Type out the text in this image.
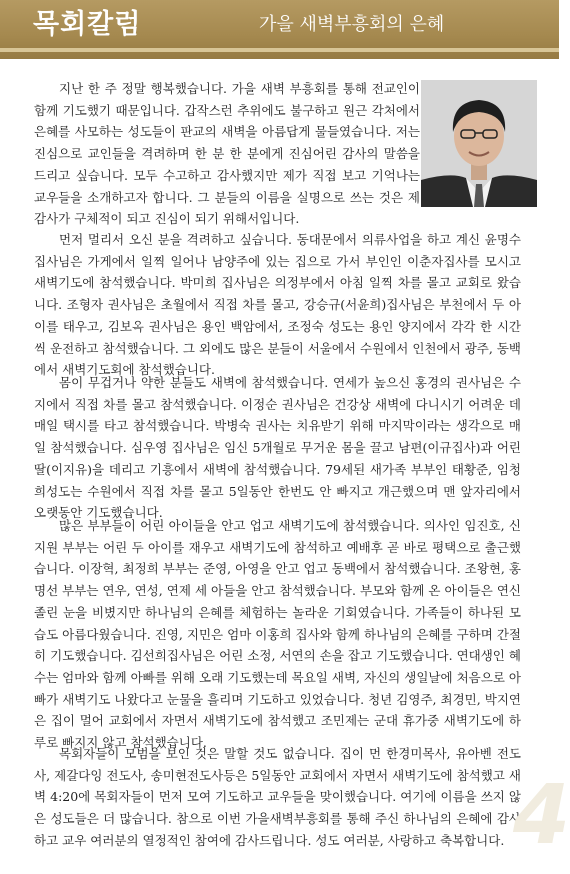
목회칼럼	가을 새벽부흥회의 은혜

지난 한 주 정말 행복했습니다. 가을 새벽 부흥회를 통해 전교인이 함께 기도했기 때문입니다. 갑작스런 추위에도 불구하고 원근 각처에서 은혜를 사모하는 성도들이 판교의 새벽을 아름답게 물들였습니다. 저는 진심으로 교인들을 격려하며 한 분 한 분에게 진심어린 감사의 말씀을 드리고 싶습니다. 모두 수고하고 감사했지만 제가 직접 보고 기억나는 교우들을 소개하고자 합니다. 그 분들의 이름을 실명으로 쓰는 것은 제 감사가 구체적이 되고 진심이 되기 위해서입니다.

먼저 멀리서 오신 분을 격려하고 싶습니다. 동대문에서 의류사업을 하고 계신 윤명수집사님은 가게에서 일찍 일어나 남양주에 있는 집으로 가서 부인인 이춘자집사를 모시고 새벽기도에 참석했습니다. 박미희 집사님은 의정부에서 아침 일찍 차를 몰고 교회로 왔습니다. 조형자 권사님은 초월에서 직접 차를 몰고, 강승규(서윤희)집사님은 부천에서 두 아이를 태우고, 김보옥 권사님은 용인 백암에서, 조정숙 성도는 용인 양지에서 각각 한 시간씩 운전하고 참석했습니다. 그 외에도 많은 분들이 서울에서 수원에서 인천에서 광주, 동백에서 새벽기도회에 참석했습니다.

몸이 무겁거나 약한 분들도 새벽에 참석했습니다. 연세가 높으신 홍경의 권사님은 수지에서 직접 차를 몰고 참석했습니다. 이정순 권사님은 건강상 새벽에 다니시기 어려운 데 매일 택시를 타고 참석했습니다. 박병숙 권사는 치유받기 위해 마지막이라는 생각으로 매일 참석했습니다. 심우영 집사님은 임신 5개월로 무거운 몸을 끌고 남편(이규집사)과 어린 딸(이지유)을 데리고 기흥에서 새벽에 참석했습니다. 79세된 새가족 부부인 태황준, 임청희성도는 수원에서 직접 차를 몰고 5일동안 한번도 안 빠지고 개근했으며 맨 앞자리에서 오랫동안 기도했습니다.

많은 부부들이 어린 아이들을 안고 업고 새벽기도에 참석했습니다. 의사인 임진호, 신지원 부부는 어린 두 아이를 재우고 새벽기도에 참석하고 예배후 곧 바로 평택으로 출근했습니다. 이장혁, 최정희 부부는 준영, 아영을 안고 업고 동백에서 참석했습니다. 조왕현, 홍명선 부부는 연우, 연성, 연제 세 아들을 안고 참석했습니다. 부모와 함께 온 아이들은 연신 졸린 눈을 비볐지만 하나님의 은혜를 체험하는 놀라운 기회였습니다. 가족들이 하나된 모습도 아름다웠습니다. 진영, 지민은 엄마 이홍희 집사와 함께 하나님의 은혜를 구하며 간절히 기도했습니다. 김선희집사님은 어린 소정, 서연의 손을 잡고 기도했습니다. 연대생인 혜수는 엄마와 함께 아빠를 위해 오래 기도했는데 목요일 새벽, 자신의 생일날에 처음으로 아빠가 새벽기도 나왔다고 눈물을 흘리며 기도하고 있었습니다. 청년 김영주, 최경민, 박지연은 집이 멀어 교회에서 자면서 새벽기도에 참석했고 조민제는 군대 휴가중 새벽기도에 하루로 빠지지 않고 참석했습니다.

목회자들이 모범을 보인 것은 말할 것도 없습니다. 집이 먼 한경미목사, 유아벤 전도사, 제갈다잉 전도사, 송미현전도사등은 5일동안 교회에서 자면서 새벽기도에 참석했고 새벽 4:20에 목회자들이 먼저 모여 기도하고 교우들을 맞이했습니다. 여기에 이름을 쓰지 않은 성도들은 더 많습니다. 참으로 이번 가을새벽부흥회를 통해 주신 하나님의 은혜에 감사하고 교우 여러분의 열정적인 참여에 감사드립니다. 성도 여러분, 사랑하고 축복합니다. 4
